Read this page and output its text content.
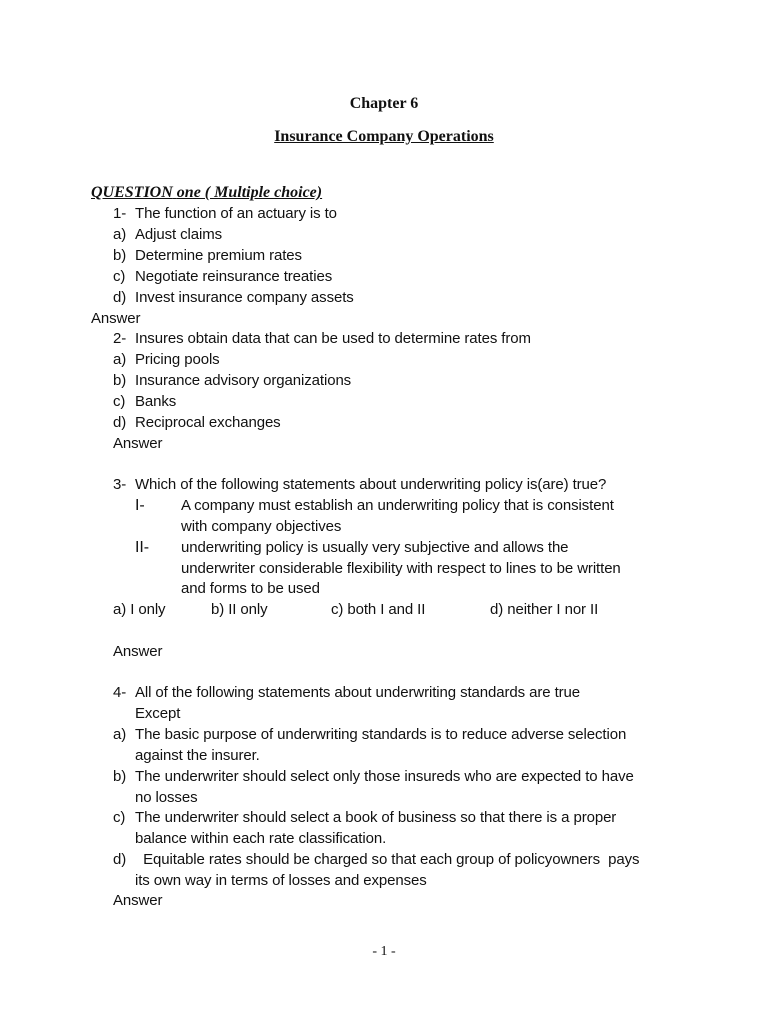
Chapter 6
Insurance Company Operations
QUESTION one ( Multiple choice)
1- The function of an actuary is to
a) Adjust claims
b) Determine premium rates
c) Negotiate reinsurance treaties
d) Invest insurance company assets
Answer
2- Insures obtain data that can be used to determine rates from
a) Pricing pools
b) Insurance advisory organizations
c) Banks
d) Reciprocal exchanges
Answer
3- Which of the following statements about underwriting policy is(are) true?
I- A company must establish an underwriting policy that is consistent
with company objectives
II- underwriting policy is usually very subjective and allows the
underwriter considerable flexibility with respect to lines to be written
and forms to be used
a) I only	b) II only	c) both I and II	d) neither I nor II
Answer
4- All of the following statements about underwriting standards are true
Except
a) The basic purpose of underwriting standards is to reduce adverse selection
against the insurer.
b) The underwriter should select only those insureds who are expected to have
no losses
c) The underwriter should select a book of business so that there is a proper
balance within each rate classification.
d) Equitable rates should be charged so that each group of policyowners  pays
its own way in terms of losses and expenses
Answer
- 1 -
